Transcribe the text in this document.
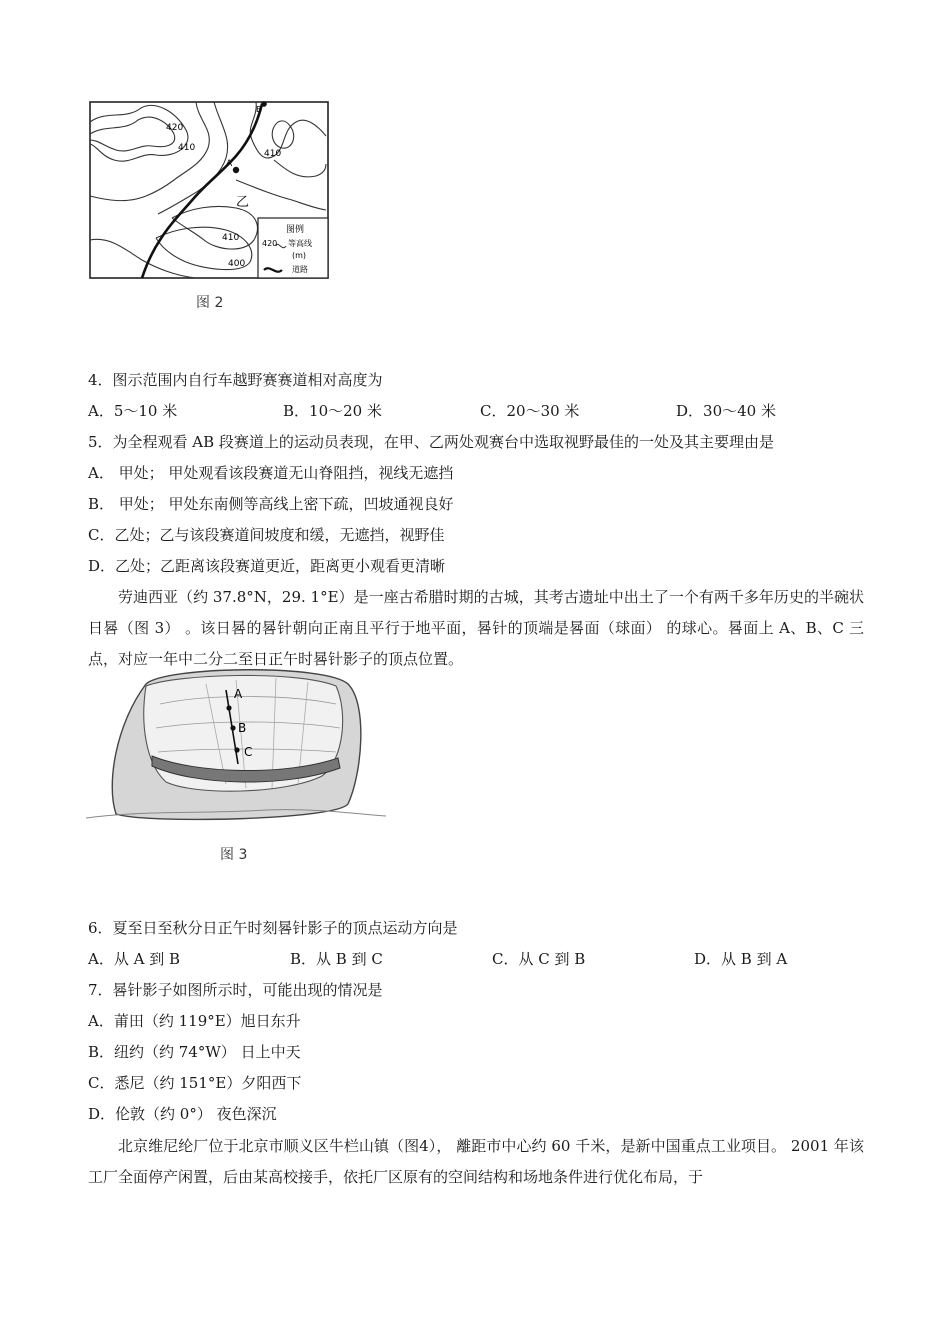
A
B
420
410
410
410
400
乙
图例
420 等高线
(m)
道路
图 2
4．图示范围内自行车越野赛赛道相对高度为
A．5～10 米	B．10～20 米	C．20～30 米	D．30～40 米
5．为全程观看 AB 段赛道上的运动员表现，在甲、乙两处观赛台中选取视野最佳的一处及其主要理由是
A． 甲处； 甲处观看该段赛道无山脊阻挡，视线无遮挡
B． 甲处； 甲处东南侧等高线上密下疏，凹坡通视良好
C．乙处；乙与该段赛道间坡度和缓，无遮挡，视野佳
D．乙处；乙距离该段赛道更近，距离更小观看更清晰
劳迪西亚（约 37.8°N，29. 1°E）是一座古希腊时期的古城，其考古遗址中出土了一个有两千多年历史的半碗状日晷（图 3） 。该日晷的晷针朝向正南且平行于地平面，晷针的顶端是晷面（球面） 的球心。晷面上 A、B、C 三点，对应一年中二分二至日正午时晷针影子的顶点位置。
A
B
C
图 3
6．夏至日至秋分日正午时刻晷针影子的顶点运动方向是
A．从 A 到 B	B．从 B 到 C	C．从 C 到 B	D．从 B 到 A
7．晷针影子如图所示时，可能出现的情况是
A．莆田（约 119°E）旭日东升
B．纽约（约 74°W） 日上中天
C．悉尼（约 151°E）夕阳西下
D．伦敦（约 0°） 夜色深沉
北京维尼纶厂位于北京市顺义区牛栏山镇（图4）， 離距市中心约 60 千米，是新中国重点工业项目。 2001 年该工厂全面停产闲置，后由某高校接手，依托厂区原有的空间结构和场地条件进行优化布局，于
